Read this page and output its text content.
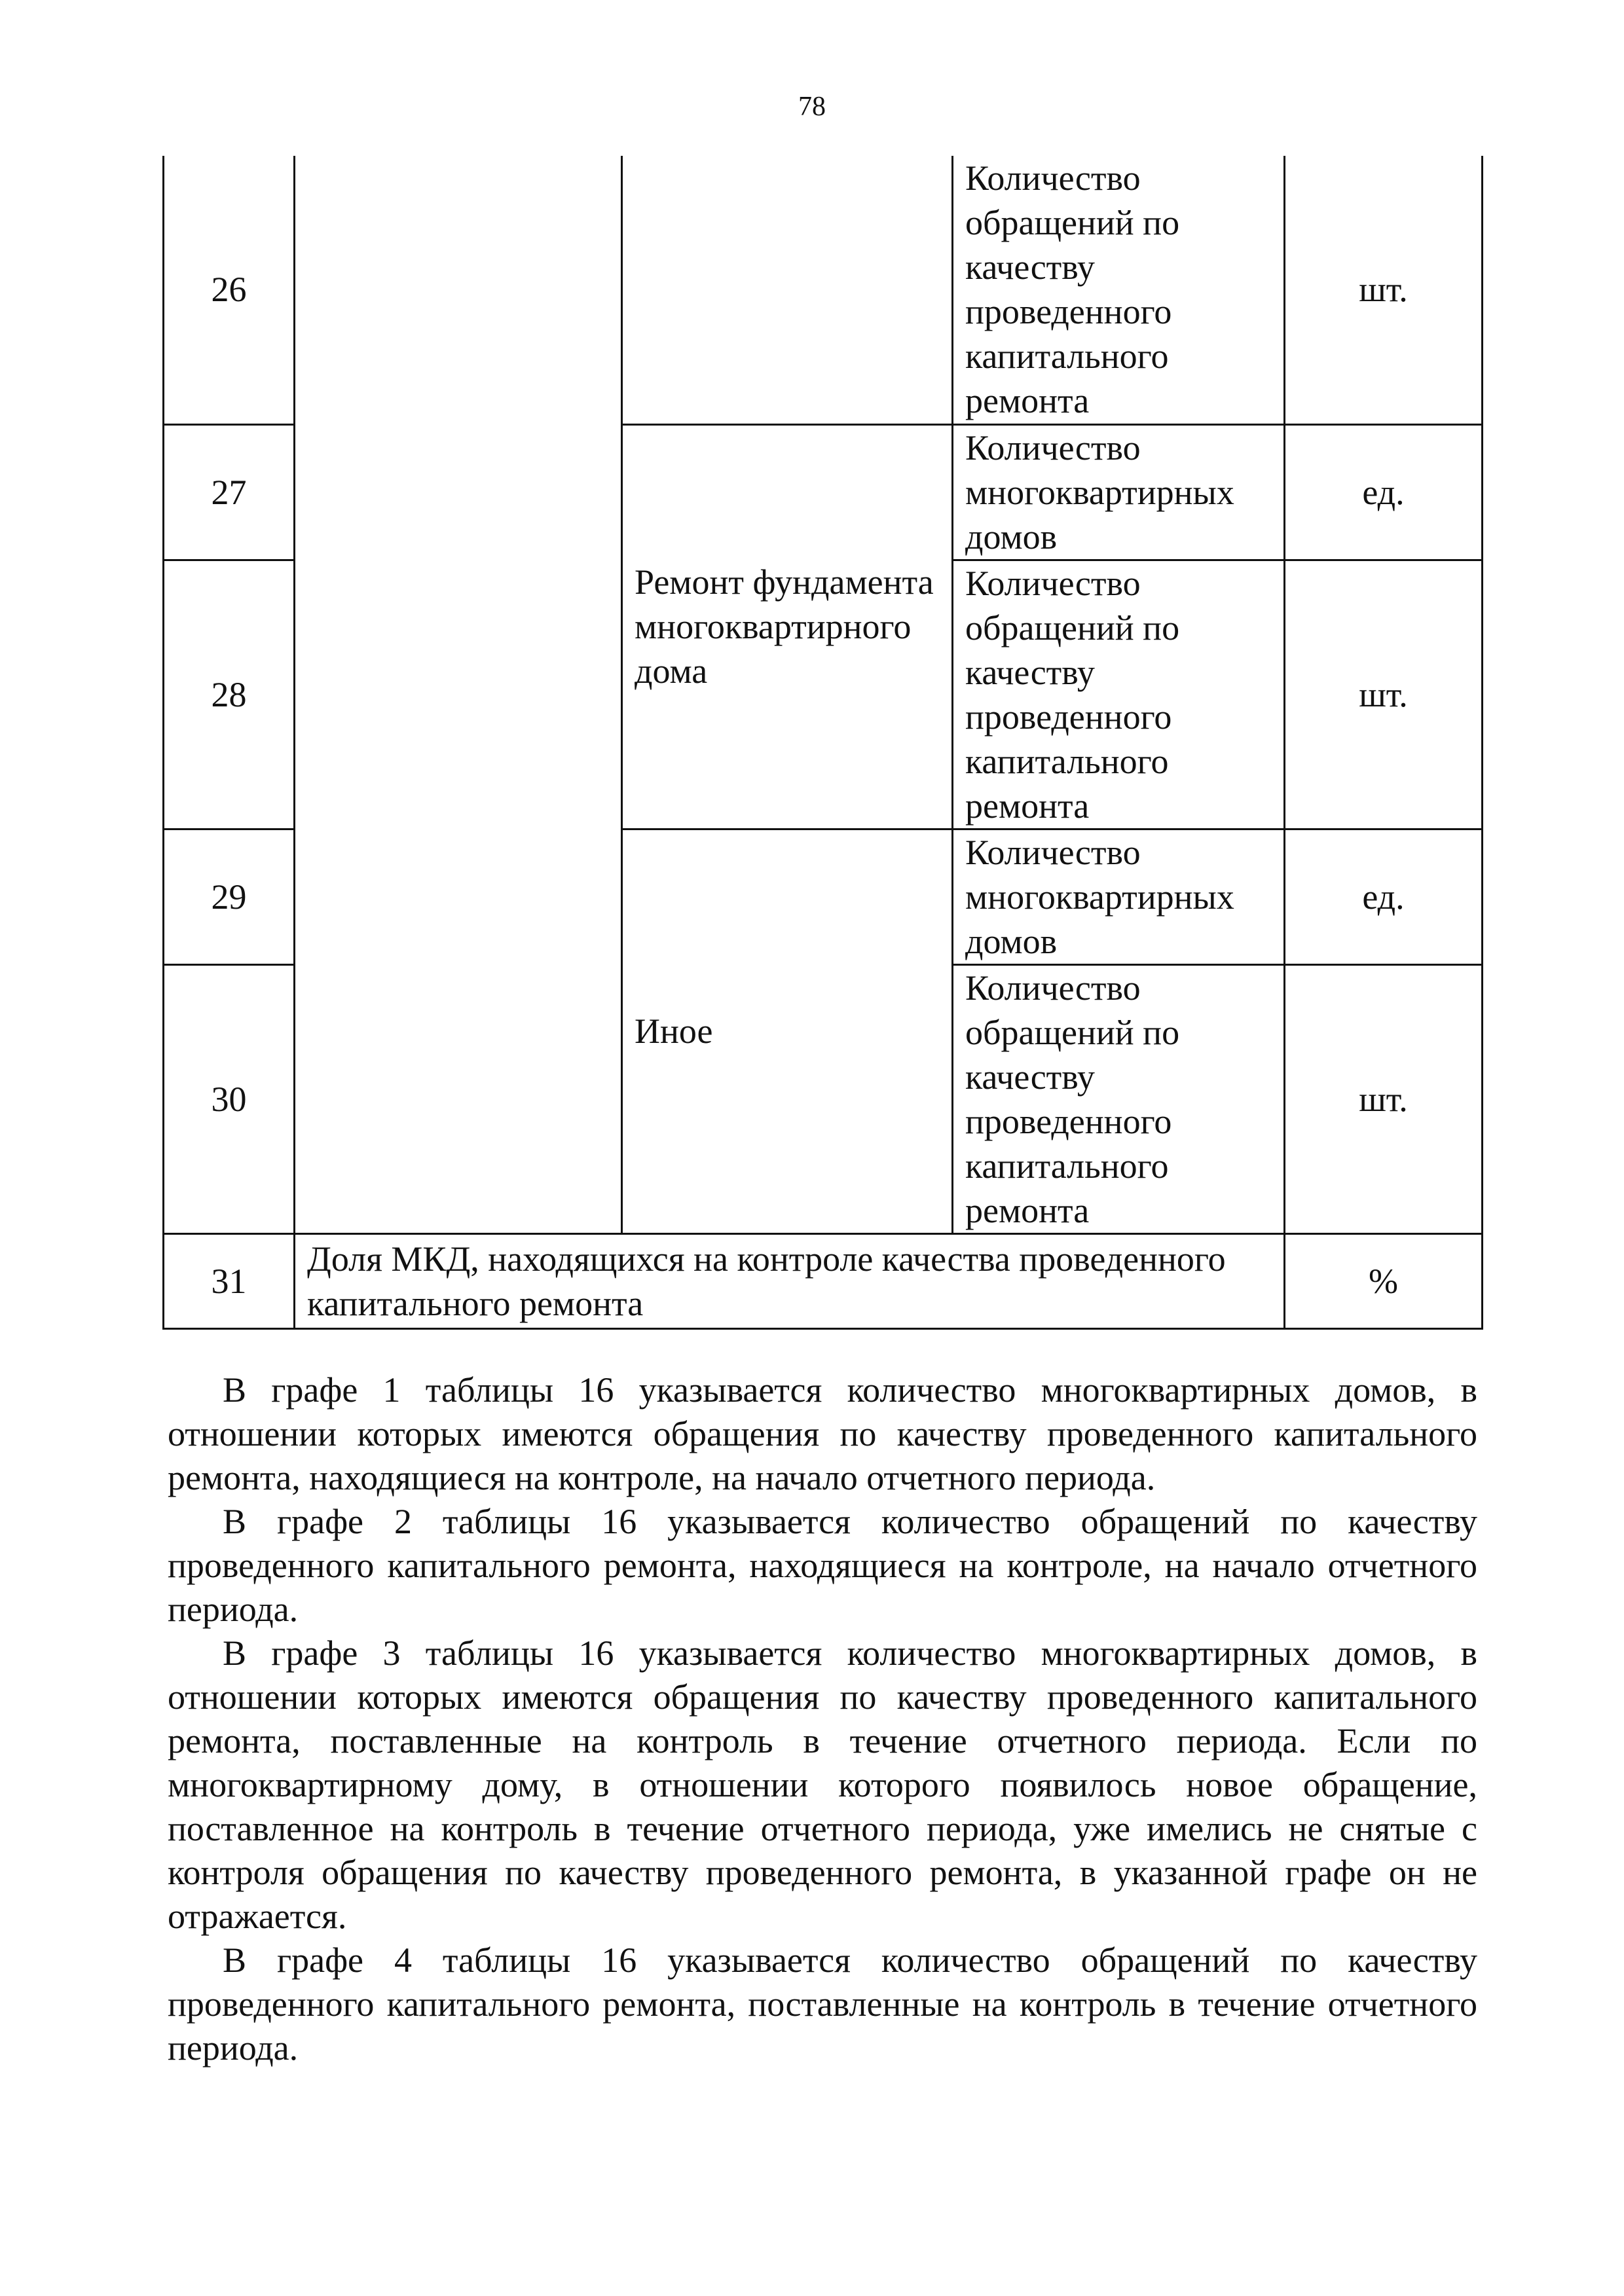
78
26			Количество обращений по качеству проведенного капитального ремонта	шт.
27		Ремонт фундамента многоквартирного дома	Количество многоквартирных домов	ед.
28			Количество обращений по качеству проведенного капитального ремонта	шт.
29		Иное	Количество многоквартирных домов	ед.
30			Количество обращений по качеству проведенного капитального ремонта	шт.
31	Доля МКД, находящихся на контроле качества проведенного капитального ремонта			%

В графе 1 таблицы 16 указывается количество многоквартирных домов, в отношении которых имеются обращения по качеству проведенного капитального ремонта, находящиеся на контроле, на начало отчетного периода.

В графе 2 таблицы 16 указывается количество обращений по качеству проведенного капитального ремонта, находящиеся на контроле, на начало отчетного периода.

В графе 3 таблицы 16 указывается количество многоквартирных домов, в отношении которых имеются обращения по качеству проведенного капитального ремонта, поставленные на контроль в течение отчетного периода. Если по многоквартирному дому, в отношении которого появилось новое обращение, поставленное на контроль в течение отчетного периода, уже имелись не снятые с контроля обращения по качеству проведенного ремонта, в указанной графе он не отражается.

В графе 4 таблицы 16 указывается количество обращений по качеству проведенного капитального ремонта, поставленные на контроль в течение отчетного периода.
